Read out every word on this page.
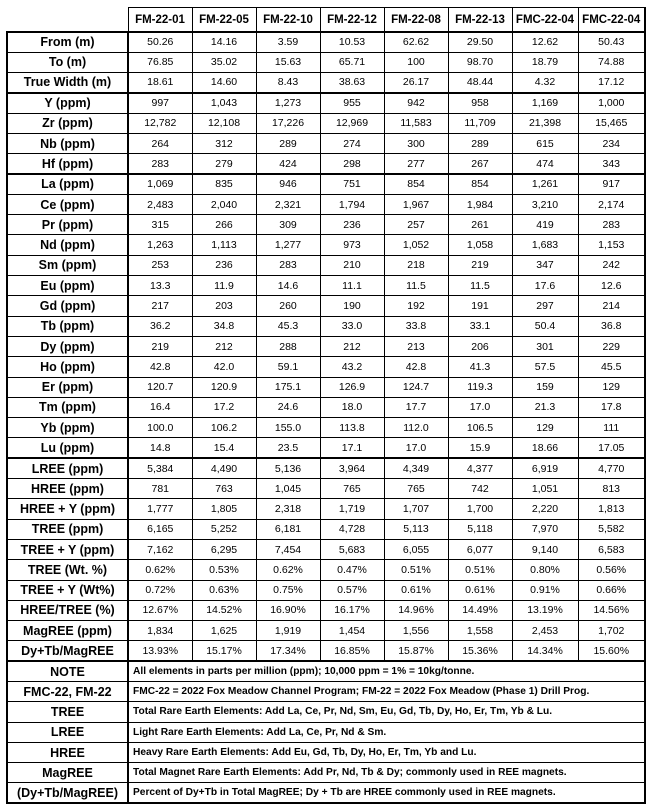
	FM-22-01	FM-22-05	FM-22-10	FM-22-12	FM-22-08	FM-22-13	FMC-22-04	FMC-22-04
From (m)	50.26	14.16	3.59	10.53	62.62	29.50	12.62	50.43
To (m)	76.85	35.02	15.63	65.71	100	98.70	18.79	74.88
True Width (m)	18.61	14.60	8.43	38.63	26.17	48.44	4.32	17.12
Y (ppm)	997	1,043	1,273	955	942	958	1,169	1,000
Zr (ppm)	12,782	12,108	17,226	12,969	11,583	11,709	21,398	15,465
Nb (ppm)	264	312	289	274	300	289	615	234
Hf (ppm)	283	279	424	298	277	267	474	343
La (ppm)	1,069	835	946	751	854	854	1,261	917
Ce (ppm)	2,483	2,040	2,321	1,794	1,967	1,984	3,210	2,174
Pr (ppm)	315	266	309	236	257	261	419	283
Nd (ppm)	1,263	1,113	1,277	973	1,052	1,058	1,683	1,153
Sm (ppm)	253	236	283	210	218	219	347	242
Eu (ppm)	13.3	11.9	14.6	11.1	11.5	11.5	17.6	12.6
Gd (ppm)	217	203	260	190	192	191	297	214
Tb (ppm)	36.2	34.8	45.3	33.0	33.8	33.1	50.4	36.8
Dy (ppm)	219	212	288	212	213	206	301	229
Ho (ppm)	42.8	42.0	59.1	43.2	42.8	41.3	57.5	45.5
Er (ppm)	120.7	120.9	175.1	126.9	124.7	119.3	159	129
Tm (ppm)	16.4	17.2	24.6	18.0	17.7	17.0	21.3	17.8
Yb (ppm)	100.0	106.2	155.0	113.8	112.0	106.5	129	111
Lu (ppm)	14.8	15.4	23.5	17.1	17.0	15.9	18.66	17.05
LREE (ppm)	5,384	4,490	5,136	3,964	4,349	4,377	6,919	4,770
HREE (ppm)	781	763	1,045	765	765	742	1,051	813
HREE + Y (ppm)	1,777	1,805	2,318	1,719	1,707	1,700	2,220	1,813
TREE (ppm)	6,165	5,252	6,181	4,728	5,113	5,118	7,970	5,582
TREE + Y (ppm)	7,162	6,295	7,454	5,683	6,055	6,077	9,140	6,583
TREE (Wt. %)	0.62%	0.53%	0.62%	0.47%	0.51%	0.51%	0.80%	0.56%
TREE + Y (Wt%)	0.72%	0.63%	0.75%	0.57%	0.61%	0.61%	0.91%	0.66%
HREE/TREE (%)	12.67%	14.52%	16.90%	16.17%	14.96%	14.49%	13.19%	14.56%
MagREE (ppm)	1,834	1,625	1,919	1,454	1,556	1,558	2,453	1,702
Dy+Tb/MagREE	13.93%	15.17%	17.34%	16.85%	15.87%	15.36%	14.34%	15.60%
NOTE	All elements in parts per million (ppm); 10,000 ppm = 1% = 10kg/tonne.							
FMC-22, FM-22	FMC-22 = 2022 Fox Meadow Channel Program; FM-22 = 2022 Fox Meadow (Phase 1) Drill Prog.							
TREE	Total Rare Earth Elements: Add La, Ce, Pr, Nd, Sm, Eu, Gd, Tb, Dy, Ho, Er, Tm, Yb & Lu.							
LREE	Light Rare Earth Elements: Add La, Ce, Pr, Nd & Sm.							
HREE	Heavy Rare Earth Elements: Add Eu, Gd, Tb, Dy, Ho, Er, Tm, Yb and Lu.							
MagREE	Total Magnet Rare Earth Elements: Add Pr, Nd, Tb & Dy; commonly used in REE magnets.							
(Dy+Tb/MagREE)	Percent of Dy+Tb in Total MagREE; Dy + Tb are HREE commonly used in REE magnets.							
